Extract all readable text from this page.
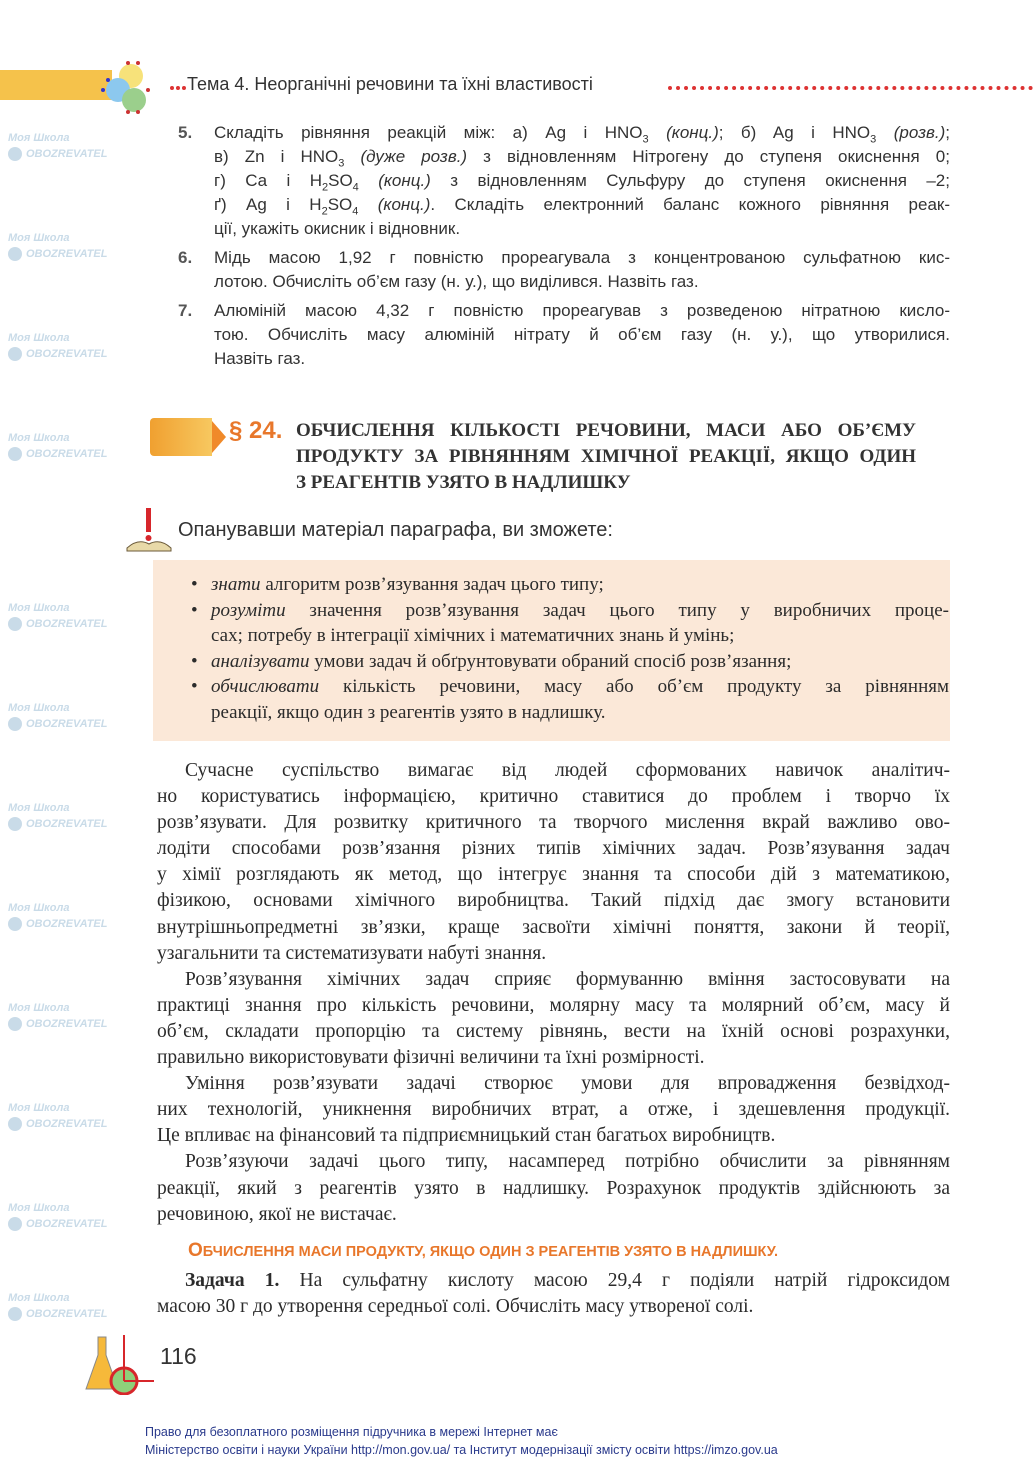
Моя Школа
OBOZREVATEL
Моя Школа
OBOZREVATEL
Моя Школа
OBOZREVATEL
Моя Школа
OBOZREVATEL
Моя Школа
OBOZREVATEL
Моя Школа
OBOZREVATEL
Моя Школа
OBOZREVATEL
Моя Школа
OBOZREVATEL
Моя Школа
OBOZREVATEL
Моя Школа
OBOZREVATEL
Моя Школа
OBOZREVATEL
Моя Школа
OBOZREVATEL
Тема 4. Неорганічні речовини та їхні властивості
5. Складіть рівняння реакцій між: а) Ag і $HNO_3$ (конц.); б) Ag і $HNO_3$ (розв.);
в) Zn і $HNO_3$ (дуже розв.) з відновленням Нітрогену до ступеня окиснення 0;
г) Ca і $H_2SO_4$ (конц.) з відновленням Сульфуру до ступеня окиснення –2;
ґ) Ag і $H_2SO_4$ (конц.). Складіть електронний баланс кожного рівняння реак-
ції, укажіть окисник і відновник.
6. Мідь масою 1,92 г повністю прореагувала з концентрованою сульфатною кис-
лотою. Обчисліть об’єм газу (н. у.), що виділився. Назвіть газ.
7. Алюміній масою 4,32 г повністю прореагував з розведеною нітратною кисло-
тою. Обчисліть масу алюміній нітрату й об’єм газу (н. у.), що утворилися.
Назвіть газ.
§ 24. ОБЧИСЛЕННЯ КІЛЬКОСТІ РЕЧОВИНИ, МАСИ АБО ОБ’ЄМУ
ПРОДУКТУ ЗА РІВНЯННЯМ ХІМІЧНОЇ РЕАКЦІЇ, ЯКЩО ОДИН
З РЕАГЕНТІВ УЗЯТО В НАДЛИШКУ
Опанувавши матеріал параграфа, ви зможете:
• знати алгоритм розв’язування задач цього типу;
• розуміти значення розв’язування задач цього типу у виробничих проце-
сах; потребу в інтеграції хімічних і математичних знань й умінь;
• аналізувати умови задач й обґрунтовувати обраний спосіб розв’язання;
• обчислювати кількість речовини, масу або об’єм продукту за рівнянням
реакції, якщо один з реагентів узято в надлишку.
Сучасне суспільство вимагає від людей сформованих навичок аналітич-
но користуватись інформацією, критично ставитися до проблем і творчо їх
розв’язувати. Для розвитку критичного та творчого мислення вкрай важливо ово-
лодіти способами розв’язання різних типів хімічних задач. Розв’язування задач
у хімії розглядають як метод, що інтегрує знання та способи дій з математикою,
фізикою, основами хімічного виробництва. Такий підхід дає змогу встановити
внутрішньопредметні зв’язки, краще засвоїти хімічні поняття, закони й теорії,
узагальнити та систематизувати набуті знання.
Розв’язування хімічних задач сприяє формуванню вміння застосовувати на
практиці знання про кількість речовини, молярну масу та молярний об’єм, масу й
об’єм, складати пропорцію та систему рівнянь, вести на їхній основі розрахунки,
правильно використовувати фізичні величини та їхні розмірності.
Уміння розв’язувати задачі створює умови для впровадження безвідход-
них технологій, уникнення виробничих втрат, а отже, і здешевлення продукції.
Це впливає на фінансовий та підприємницький стан багатьох виробництв.
Розв’язуючи задачі цього типу, насамперед потрібно обчислити за рівнянням
реакції, який з реагентів узято в надлишку. Розрахунок продуктів здійснюють за
речовиною, якої не вистачає.
ОБЧИСЛЕННЯ МАСИ ПРОДУКТУ, ЯКЩО ОДИН З РЕАГЕНТІВ УЗЯТО В НАДЛИШКУ.
Задача 1. На сульфатну кислоту масою 29,4 г подіяли натрій гідроксидом
масою 30 г до утворення середньої солі. Обчисліть масу утвореної солі.
116
Право для безоплатного розміщення підручника в мережі Інтернет має
Міністерство освіти і науки України http://mon.gov.ua/ та Інститут модернізації змісту освіти https://imzo.gov.ua
